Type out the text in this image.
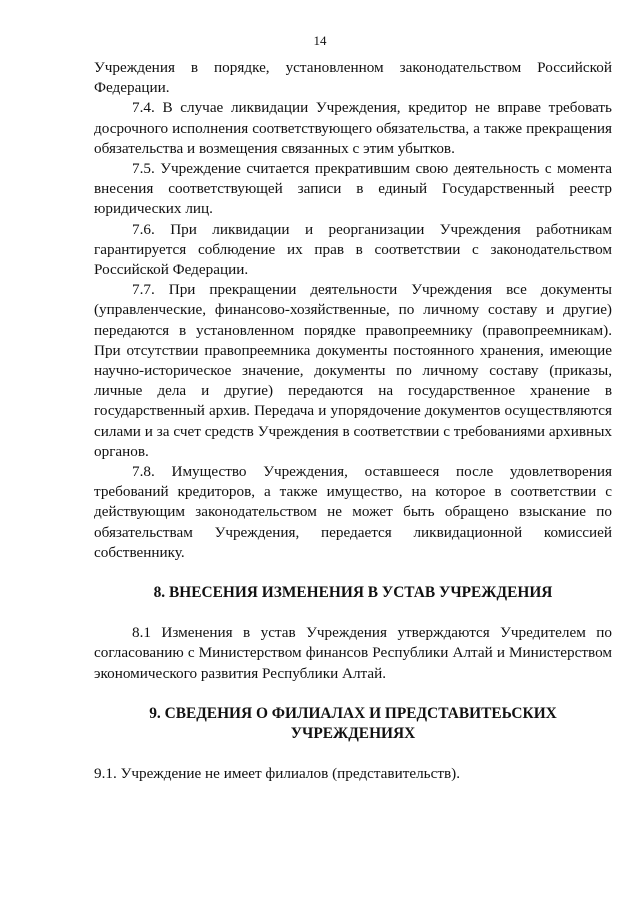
14

Учреждения в порядке, установленном законодательством Российской Федерации.

7.4. В случае ликвидации Учреждения, кредитор не вправе требовать досрочного исполнения соответствующего обязательства, а также прекращения обязательства и возмещения связанных с этим убытков.

7.5. Учреждение считается прекратившим свою деятельность с момента внесения соответствующей записи в единый Государственный реестр юридических лиц.

7.6. При ликвидации и реорганизации Учреждения работникам гарантируется соблюдение их прав в соответствии с законодательством Российской Федерации.

7.7. При прекращении деятельности Учреждения все документы (управленческие, финансово-хозяйственные, по личному составу и другие) передаются в установленном порядке правопреемнику (правопреемникам). При отсутствии правопреемника документы постоянного хранения, имеющие научно-историческое значение, документы по личному составу (приказы, личные дела и другие) передаются на государственное хранение в государственный архив. Передача и упорядочение документов осуществляются силами и за счет средств Учреждения в соответствии с требованиями архивных органов.

7.8. Имущество Учреждения, оставшееся после удовлетворения требований кредиторов, а также имущество, на которое в соответствии с действующим законодательством не может быть обращено взыскание по обязательствам Учреждения, передается ликвидационной комиссией собственнику.

8. ВНЕСЕНИЯ ИЗМЕНЕНИЯ В УСТАВ УЧРЕЖДЕНИЯ

8.1 Изменения в устав Учреждения утверждаются Учредителем по согласованию с Министерством финансов Республики Алтай и Министерством экономического развития Республики Алтай.

9. СВЕДЕНИЯ О ФИЛИАЛАХ И ПРЕДСТАВИТЕЬСКИХ
УЧРЕЖДЕНИЯХ

9.1. Учреждение не имеет филиалов (представительств).
